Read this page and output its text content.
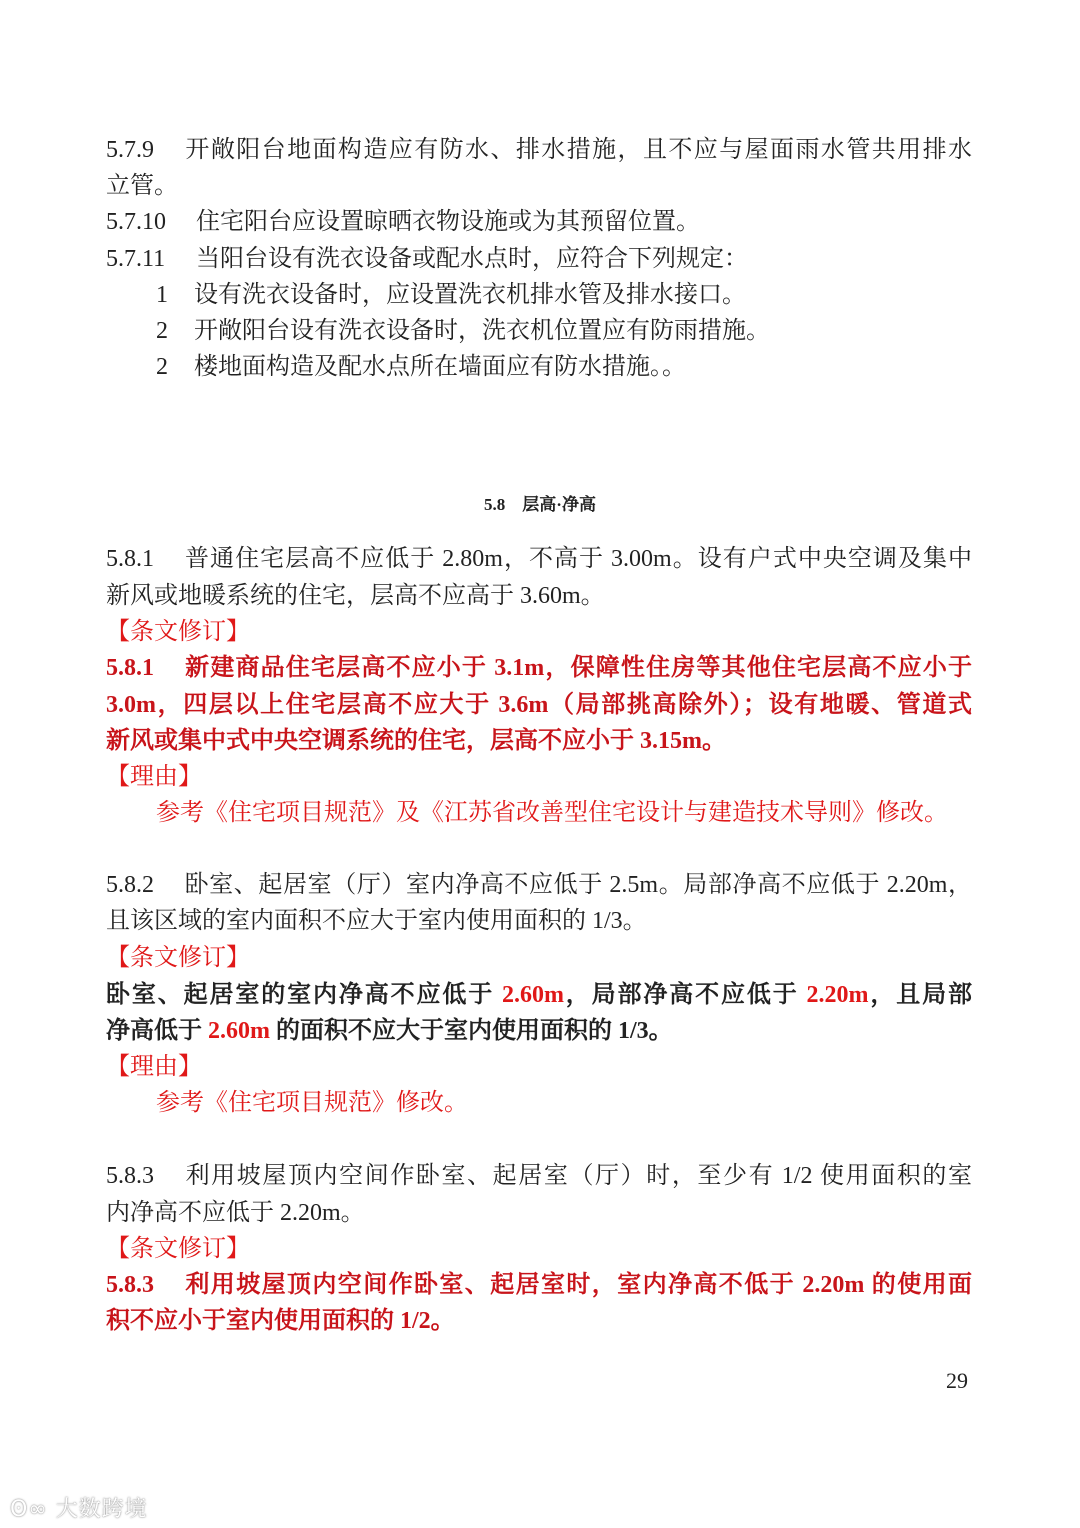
5.7.9 开敞阳台地面构造应有防水、排水措施，且不应与屋面雨水管共用排水
立管。
5.7.10 住宅阳台应设置晾晒衣物设施或为其预留位置。
5.7.11 当阳台设有洗衣设备或配水点时，应符合下列规定：
1 设有洗衣设备时，应设置洗衣机排水管及排水接口。
2 开敞阳台设有洗衣设备时，洗衣机位置应有防雨措施。
2 楼地面构造及配水点所在墙面应有防水措施。。
5.8　层高·净高
5.8.1 普通住宅层高不应低于 2.80m，不高于 3.00m。设有户式中央空调及集中
新风或地暖系统的住宅，层高不应高于 3.60m。
【条文修订】
5.8.1 新建商品住宅层高不应小于 3.1m，保障性住房等其他住宅层高不应小于
3.0m，四层以上住宅层高不应大于 3.6m（局部挑高除外）；设有地暖、管道式
新风或集中式中央空调系统的住宅，层高不应小于 3.15m。
【理由】
参考《住宅项目规范》及《江苏省改善型住宅设计与建造技术导则》修改。
5.8.2 卧室、起居室（厅）室内净高不应低于 2.5m。局部净高不应低于 2.20m，
且该区域的室内面积不应大于室内使用面积的 1/3。
【条文修订】
卧室、起居室的室内净高不应低于 2.60m，局部净高不应低于 2.20m，且局部
净高低于 2.60m 的面积不应大于室内使用面积的 1/3。
【理由】
参考《住宅项目规范》修改。
5.8.3 利用坡屋顶内空间作卧室、起居室（厅）时，至少有 1/2 使用面积的室
内净高不应低于 2.20m。
【条文修订】
5.8.3 利用坡屋顶内空间作卧室、起居室时，室内净高不低于 2.20m 的使用面
积不应小于室内使用面积的 1/2。
29
ʘ∞ 大数跨境
